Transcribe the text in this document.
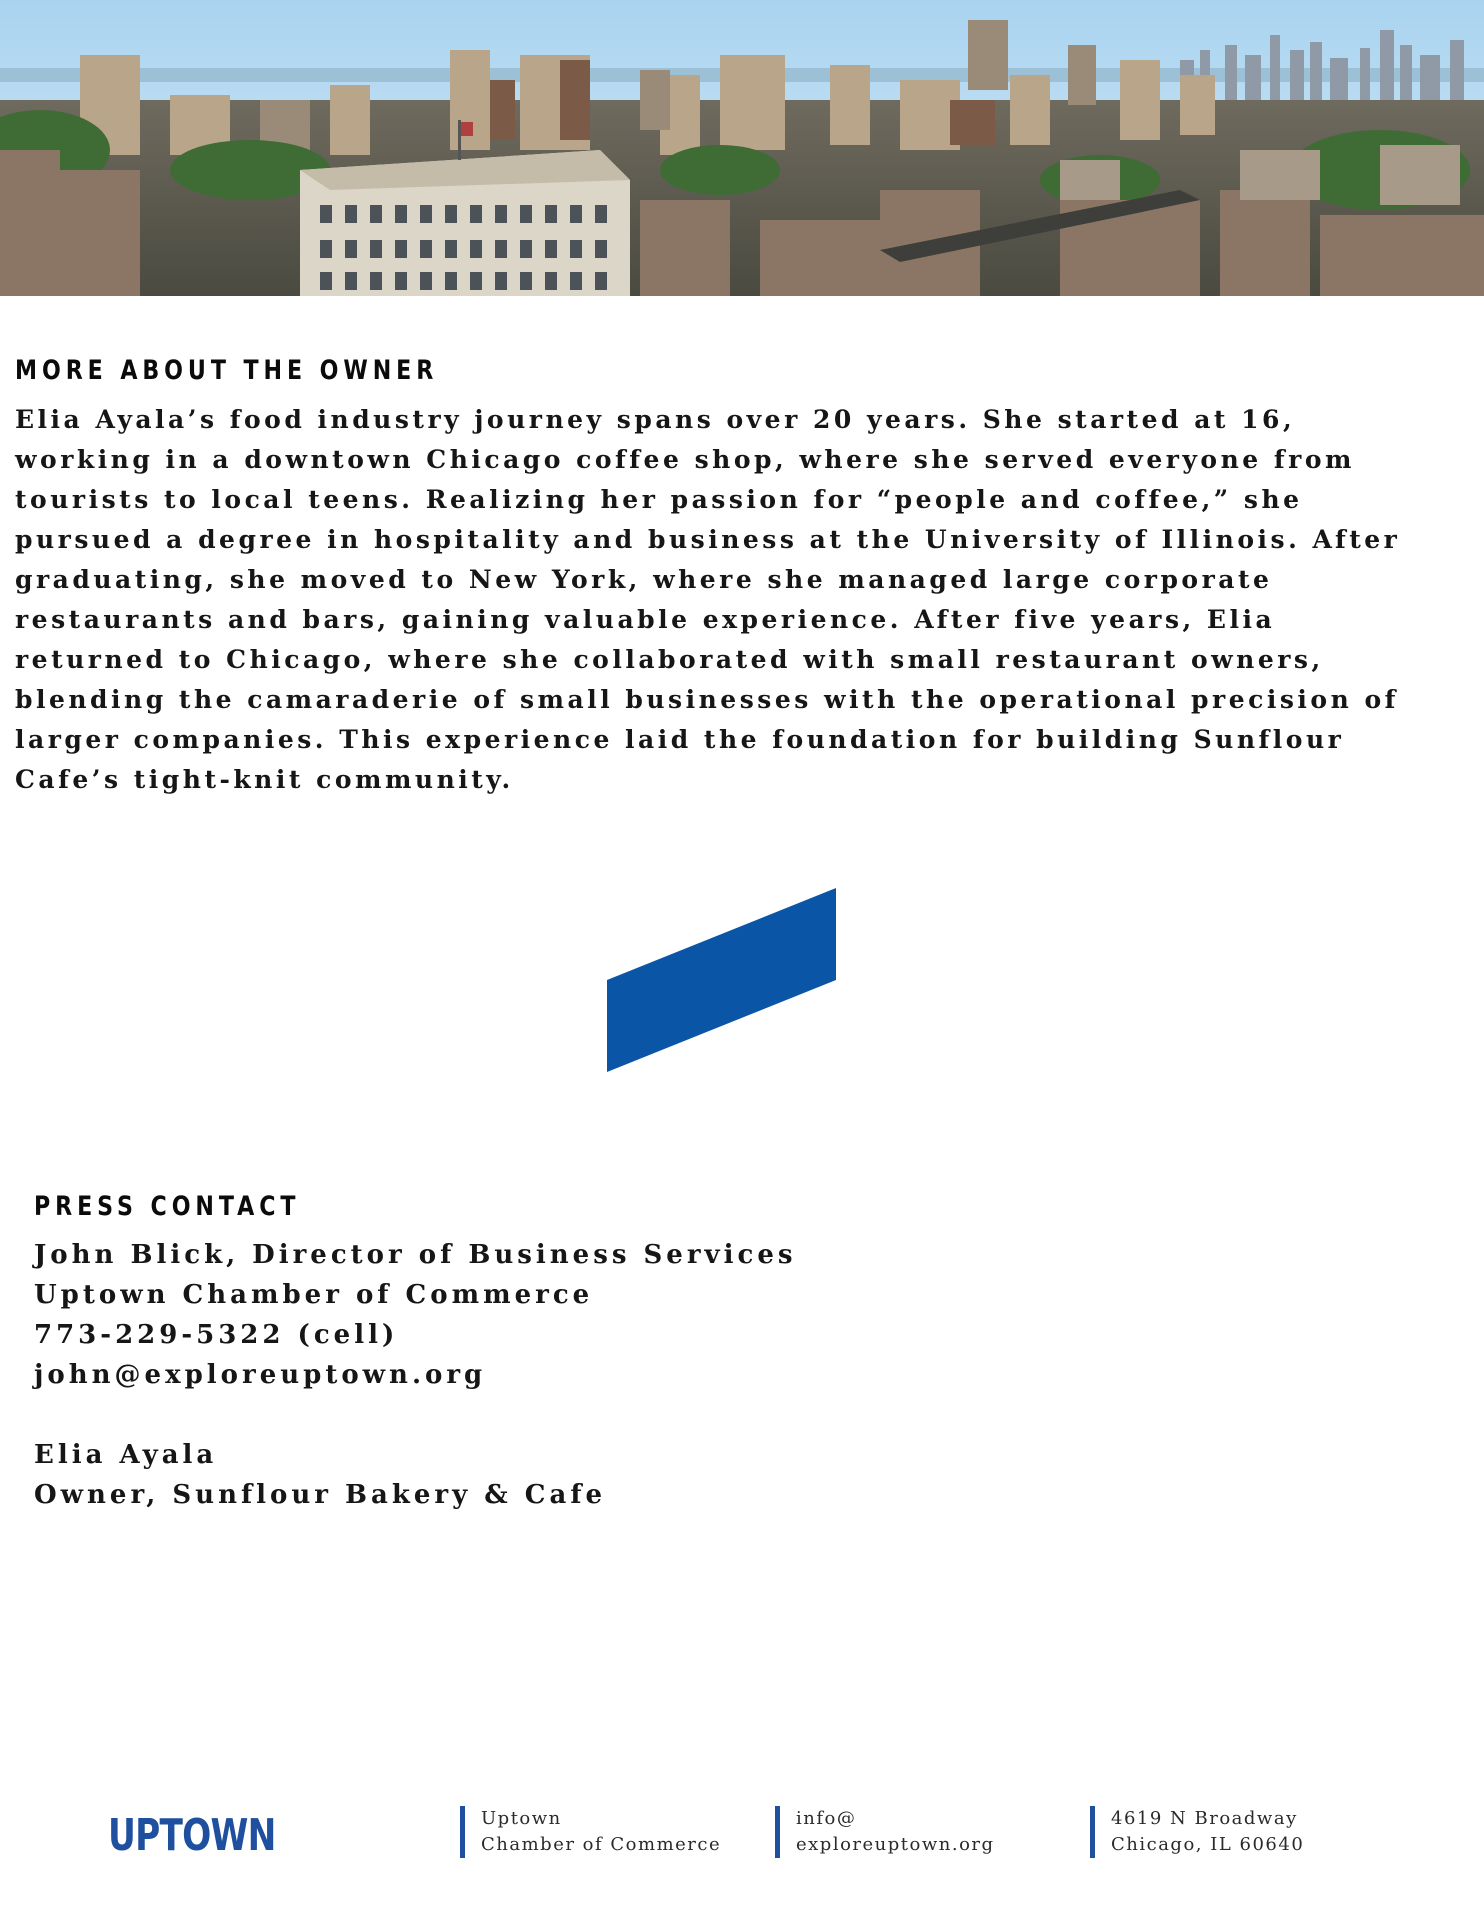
MORE ABOUT THE OWNER
Elia Ayala’s food industry journey spans over 20 years. She started at 16,
working in a downtown Chicago coffee shop, where she served everyone from
tourists to local teens. Realizing her passion for “people and coffee,” she
pursued a degree in hospitality and business at the University of Illinois. After
graduating, she moved to New York, where she managed large corporate
restaurants and bars, gaining valuable experience. After five years, Elia
returned to Chicago, where she collaborated with small restaurant owners,
blending the camaraderie of small businesses with the operational precision of
larger companies. This experience laid the foundation for building Sunflour
Cafe’s tight-knit community.
PRESS CONTACT
John Blick, Director of Business Services
Uptown Chamber of Commerce
773-229-5322 (cell)
john@exploreuptown.org
Elia Ayala
Owner, Sunflour Bakery & Cafe
UPTOWN	Uptown
Chamber of Commerce
info@
exploreuptown.org
4619 N Broadway
Chicago, IL 60640
